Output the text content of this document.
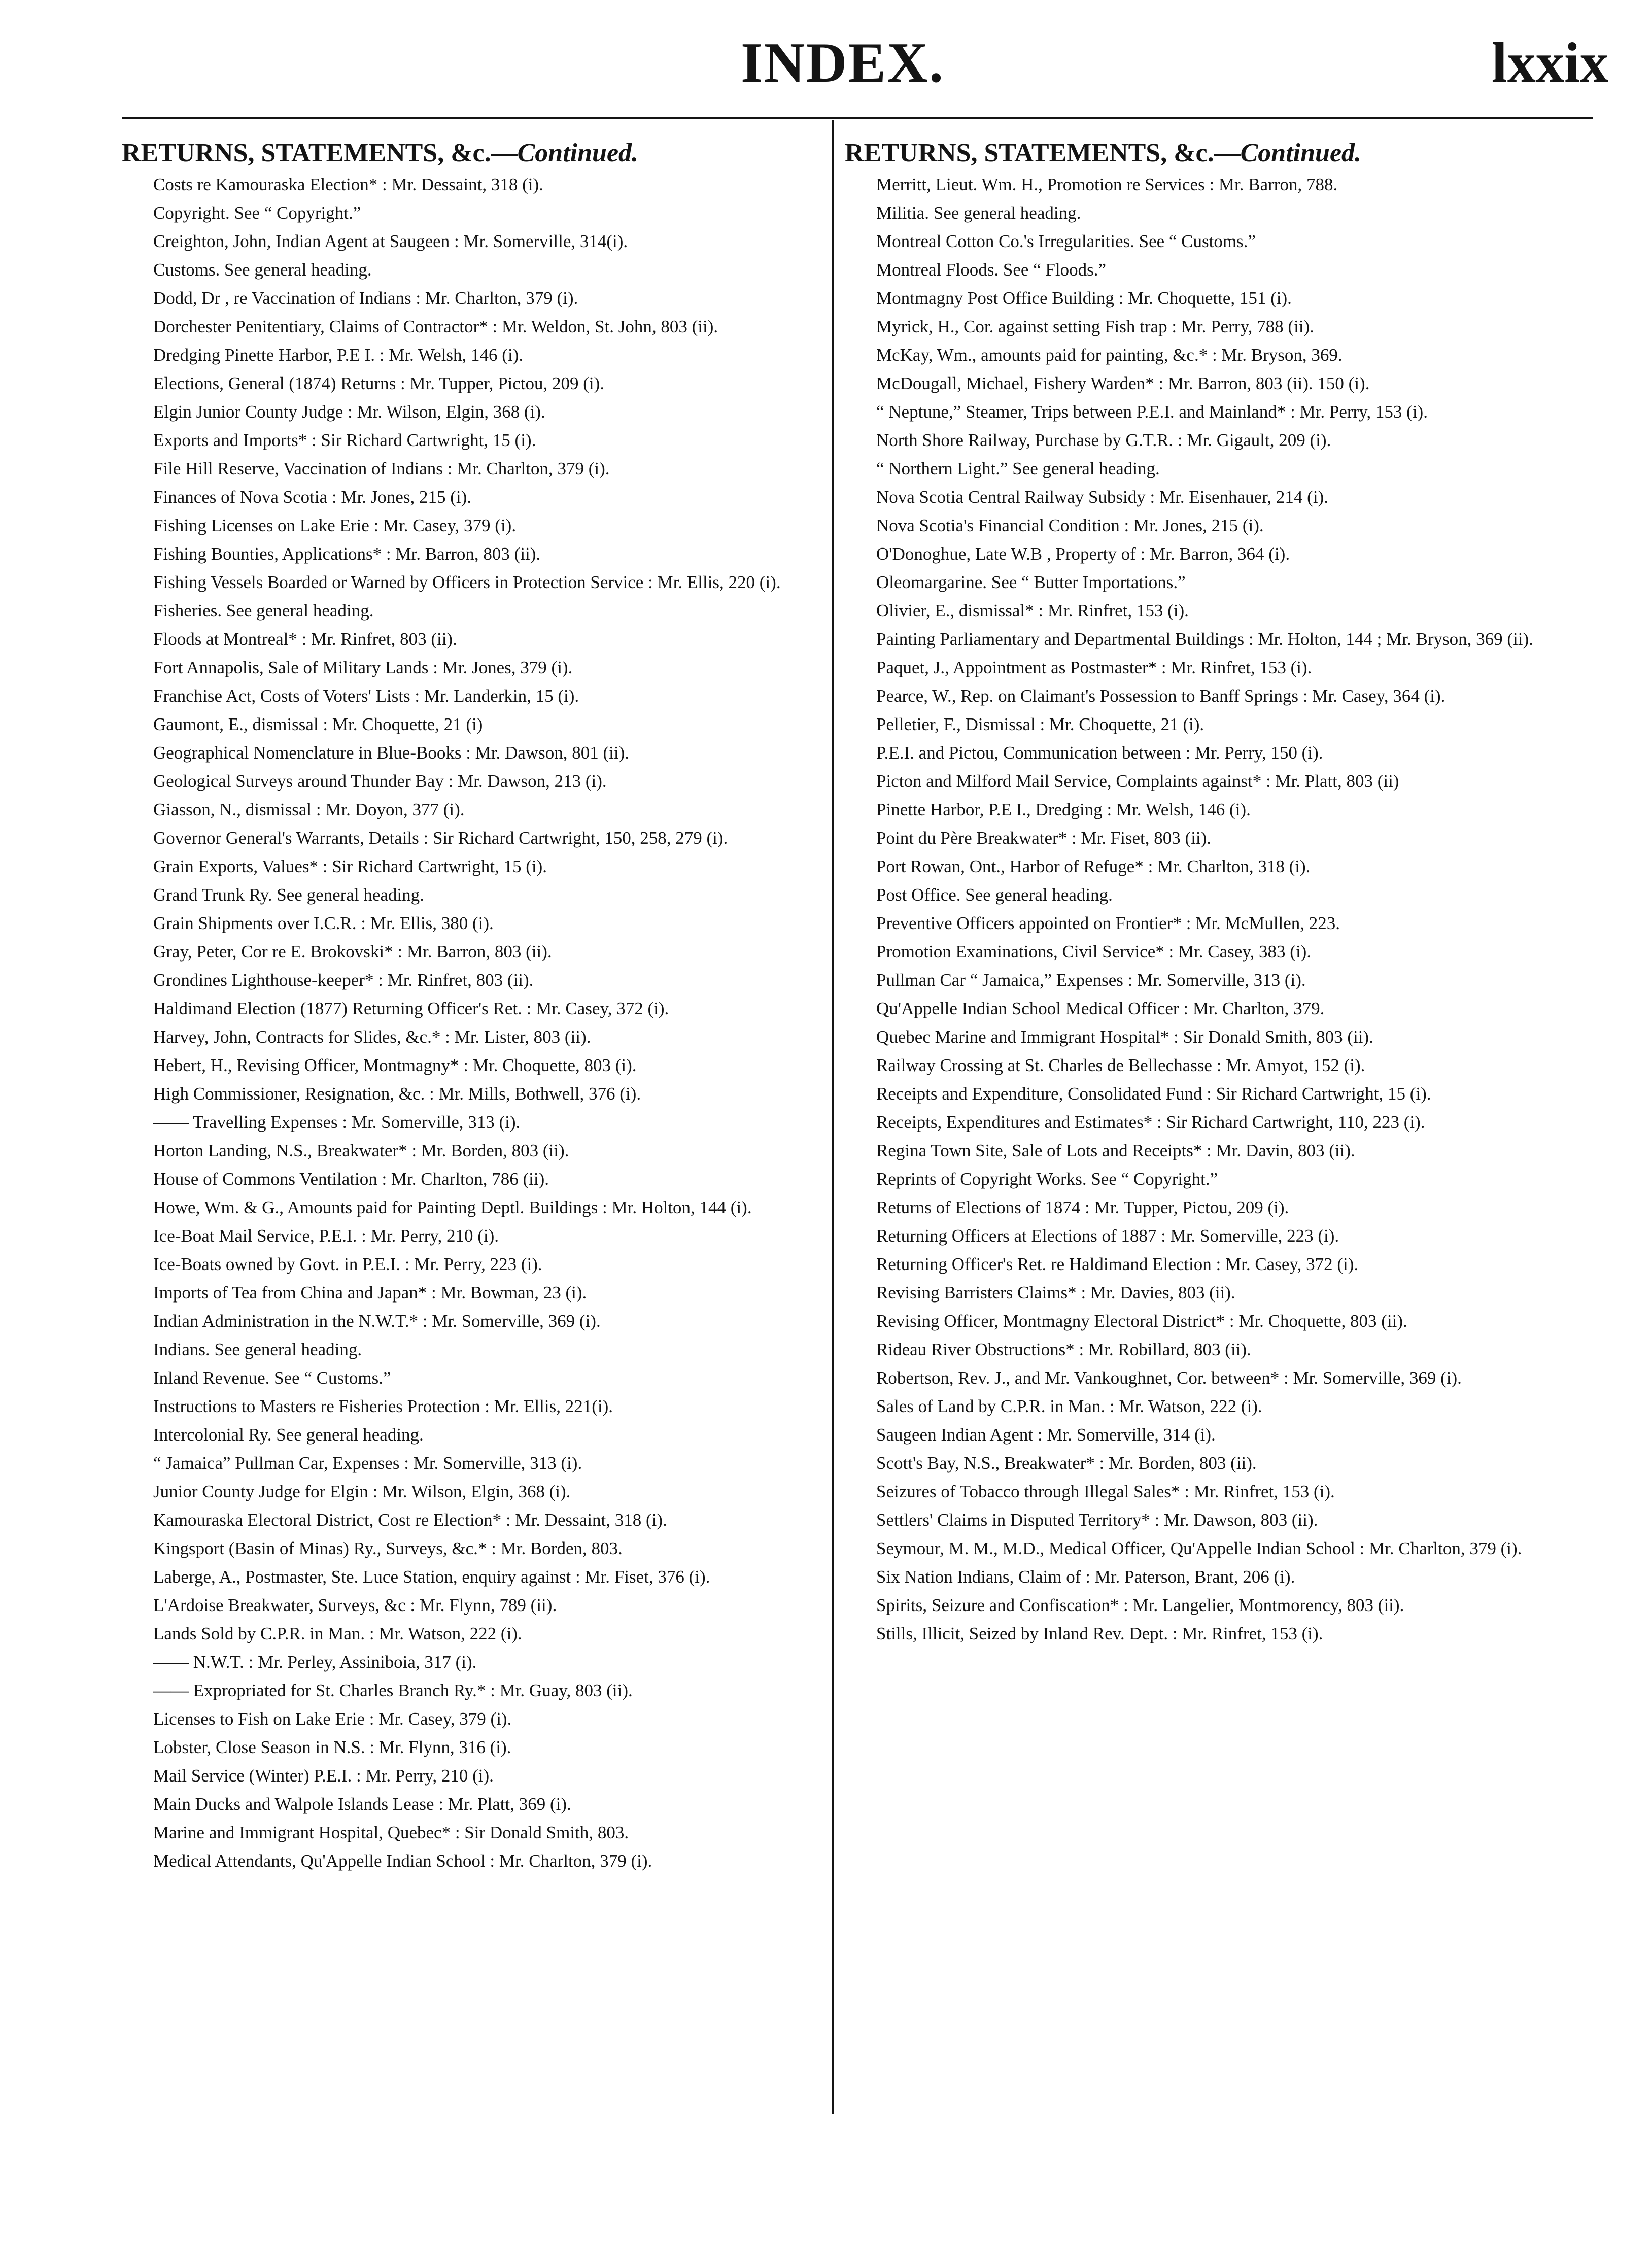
INDEX.	lxxix
RETURNS, STATEMENTS, &c.—Continued.
Costs re Kamouraska Election* : Mr. Dessaint, 318 (i).
Copyright. See “ Copyright.”
Creighton, John, Indian Agent at Saugeen : Mr. Somerville, 314(i).
Customs. See general heading.
Dodd, Dr , re Vaccination of Indians : Mr. Charlton, 379 (i).
Dorchester Penitentiary, Claims of Contractor* : Mr. Weldon, St. John, 803 (ii).
Dredging Pinette Harbor, P.E I. : Mr. Welsh, 146 (i).
Elections, General (1874) Returns : Mr. Tupper, Pictou, 209 (i).
Elgin Junior County Judge : Mr. Wilson, Elgin, 368 (i).
Exports and Imports* : Sir Richard Cartwright, 15 (i).
File Hill Reserve, Vaccination of Indians : Mr. Charlton, 379 (i).
Finances of Nova Scotia : Mr. Jones, 215 (i).
Fishing Licenses on Lake Erie : Mr. Casey, 379 (i).
Fishing Bounties, Applications* : Mr. Barron, 803 (ii).
Fishing Vessels Boarded or Warned by Officers in Protection Service : Mr. Ellis, 220 (i).
Fisheries. See general heading.
Floods at Montreal* : Mr. Rinfret, 803 (ii).
Fort Annapolis, Sale of Military Lands : Mr. Jones, 379 (i).
Franchise Act, Costs of Voters' Lists : Mr. Landerkin, 15 (i).
Gaumont, E., dismissal : Mr. Choquette, 21 (i)
Geographical Nomenclature in Blue-Books : Mr. Dawson, 801 (ii).
Geological Surveys around Thunder Bay : Mr. Dawson, 213 (i).
Giasson, N., dismissal : Mr. Doyon, 377 (i).
Governor General's Warrants, Details : Sir Richard Cartwright, 150, 258, 279 (i).
Grain Exports, Values* : Sir Richard Cartwright, 15 (i).
Grand Trunk Ry. See general heading.
Grain Shipments over I.C.R. : Mr. Ellis, 380 (i).
Gray, Peter, Cor re E. Brokovski* : Mr. Barron, 803 (ii).
Grondines Lighthouse-keeper* : Mr. Rinfret, 803 (ii).
Haldimand Election (1877) Returning Officer's Ret. : Mr. Casey, 372 (i).
Harvey, John, Contracts for Slides, &c.* : Mr. Lister, 803 (ii).
Hebert, H., Revising Officer, Montmagny* : Mr. Choquette, 803 (i).
High Commissioner, Resignation, &c. : Mr. Mills, Bothwell, 376 (i).
—— Travelling Expenses : Mr. Somerville, 313 (i).
Horton Landing, N.S., Breakwater* : Mr. Borden, 803 (ii).
House of Commons Ventilation : Mr. Charlton, 786 (ii).
Howe, Wm. & G., Amounts paid for Painting Deptl. Buildings : Mr. Holton, 144 (i).
Ice-Boat Mail Service, P.E.I. : Mr. Perry, 210 (i).
Ice-Boats owned by Govt. in P.E.I. : Mr. Perry, 223 (i).
Imports of Tea from China and Japan* : Mr. Bowman, 23 (i).
Indian Administration in the N.W.T.* : Mr. Somerville, 369 (i).
Indians. See general heading.
Inland Revenue. See “ Customs.”
Instructions to Masters re Fisheries Protection : Mr. Ellis, 221(i).
Intercolonial Ry. See general heading.
“ Jamaica” Pullman Car, Expenses : Mr. Somerville, 313 (i).
Junior County Judge for Elgin : Mr. Wilson, Elgin, 368 (i).
Kamouraska Electoral District, Cost re Election* : Mr. Dessaint, 318 (i).
Kingsport (Basin of Minas) Ry., Surveys, &c.* : Mr. Borden, 803.
Laberge, A., Postmaster, Ste. Luce Station, enquiry against : Mr. Fiset, 376 (i).
L'Ardoise Breakwater, Surveys, &c : Mr. Flynn, 789 (ii).
Lands Sold by C.P.R. in Man. : Mr. Watson, 222 (i).
—— N.W.T. : Mr. Perley, Assiniboia, 317 (i).
—— Expropriated for St. Charles Branch Ry.* : Mr. Guay, 803 (ii).
Licenses to Fish on Lake Erie : Mr. Casey, 379 (i).
Lobster, Close Season in N.S. : Mr. Flynn, 316 (i).
Mail Service (Winter) P.E.I. : Mr. Perry, 210 (i).
Main Ducks and Walpole Islands Lease : Mr. Platt, 369 (i).
Marine and Immigrant Hospital, Quebec* : Sir Donald Smith, 803.
Medical Attendants, Qu'Appelle Indian School : Mr. Charlton, 379 (i).
RETURNS, STATEMENTS, &c.—Continued.
Merritt, Lieut. Wm. H., Promotion re Services : Mr. Barron, 788.
Militia. See general heading.
Montreal Cotton Co.'s Irregularities. See “ Customs.”
Montreal Floods. See “ Floods.”
Montmagny Post Office Building : Mr. Choquette, 151 (i).
Myrick, H., Cor. against setting Fish trap : Mr. Perry, 788 (ii).
McKay, Wm., amounts paid for painting, &c.* : Mr. Bryson, 369.
McDougall, Michael, Fishery Warden* : Mr. Barron, 803 (ii). 150 (i).
“ Neptune,” Steamer, Trips between P.E.I. and Mainland* : Mr. Perry, 153 (i).
North Shore Railway, Purchase by G.T.R. : Mr. Gigault, 209 (i).
“ Northern Light.” See general heading.
Nova Scotia Central Railway Subsidy : Mr. Eisenhauer, 214 (i).
Nova Scotia's Financial Condition : Mr. Jones, 215 (i).
O'Donoghue, Late W.B , Property of : Mr. Barron, 364 (i).
Oleomargarine. See “ Butter Importations.”
Olivier, E., dismissal* : Mr. Rinfret, 153 (i).
Painting Parliamentary and Departmental Buildings : Mr. Holton, 144 ; Mr. Bryson, 369 (ii).
Paquet, J., Appointment as Postmaster* : Mr. Rinfret, 153 (i).
Pearce, W., Rep. on Claimant's Possession to Banff Springs : Mr. Casey, 364 (i).
Pelletier, F., Dismissal : Mr. Choquette, 21 (i).
P.E.I. and Pictou, Communication between : Mr. Perry, 150 (i).
Picton and Milford Mail Service, Complaints against* : Mr. Platt, 803 (ii)
Pinette Harbor, P.E I., Dredging : Mr. Welsh, 146 (i).
Point du Père Breakwater* : Mr. Fiset, 803 (ii).
Port Rowan, Ont., Harbor of Refuge* : Mr. Charlton, 318 (i).
Post Office. See general heading.
Preventive Officers appointed on Frontier* : Mr. McMullen, 223.
Promotion Examinations, Civil Service* : Mr. Casey, 383 (i).
Pullman Car “ Jamaica,” Expenses : Mr. Somerville, 313 (i).
Qu'Appelle Indian School Medical Officer : Mr. Charlton, 379.
Quebec Marine and Immigrant Hospital* : Sir Donald Smith, 803 (ii).
Railway Crossing at St. Charles de Bellechasse : Mr. Amyot, 152 (i).
Receipts and Expenditure, Consolidated Fund : Sir Richard Cartwright, 15 (i).
Receipts, Expenditures and Estimates* : Sir Richard Cartwright, 110, 223 (i).
Regina Town Site, Sale of Lots and Receipts* : Mr. Davin, 803 (ii).
Reprints of Copyright Works. See “ Copyright.”
Returns of Elections of 1874 : Mr. Tupper, Pictou, 209 (i).
Returning Officers at Elections of 1887 : Mr. Somerville, 223 (i).
Returning Officer's Ret. re Haldimand Election : Mr. Casey, 372 (i).
Revising Barristers Claims* : Mr. Davies, 803 (ii).
Revising Officer, Montmagny Electoral District* : Mr. Choquette, 803 (ii).
Rideau River Obstructions* : Mr. Robillard, 803 (ii).
Robertson, Rev. J., and Mr. Vankoughnet, Cor. between* : Mr. Somerville, 369 (i).
Sales of Land by C.P.R. in Man. : Mr. Watson, 222 (i).
Saugeen Indian Agent : Mr. Somerville, 314 (i).
Scott's Bay, N.S., Breakwater* : Mr. Borden, 803 (ii).
Seizures of Tobacco through Illegal Sales* : Mr. Rinfret, 153 (i).
Settlers' Claims in Disputed Territory* : Mr. Dawson, 803 (ii).
Seymour, M. M., M.D., Medical Officer, Qu'Appelle Indian School : Mr. Charlton, 379 (i).
Six Nation Indians, Claim of : Mr. Paterson, Brant, 206 (i).
Spirits, Seizure and Confiscation* : Mr. Langelier, Montmorency, 803 (ii).
Stills, Illicit, Seized by Inland Rev. Dept. : Mr. Rinfret, 153 (i).
